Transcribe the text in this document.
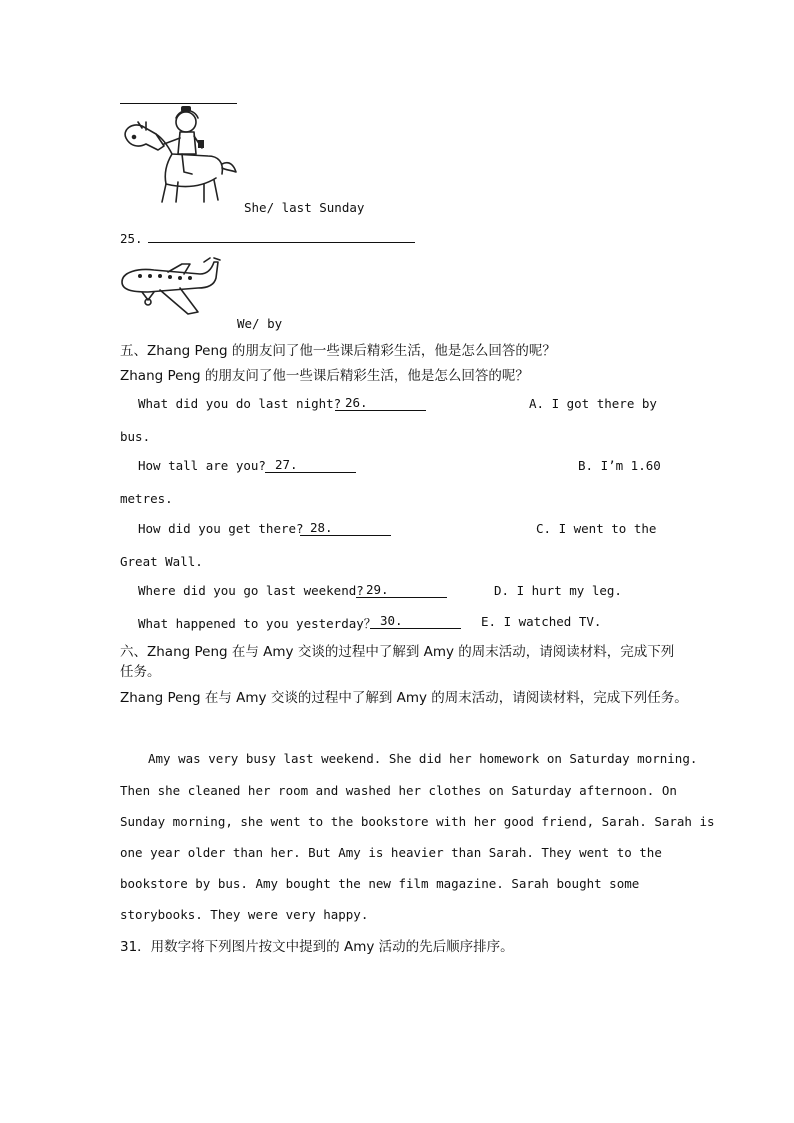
She/ last Sunday
25.
We/ by
五、Zhang Peng 的朋友问了他一些课后精彩生活，他是怎么回答的呢？
Zhang Peng 的朋友问了他一些课后精彩生活，他是怎么回答的呢？
What did you do last night? 26.	A. I got there by
bus.
How tall are you? 27.	B. I’m 1.60
metres.
How did you get there? 28.	C. I went to the
Great Wall.
Where did you go last weekend? 29.	D. I hurt my leg.
What happened to you yesterday？ 30.	E. I watched TV.
六、Zhang Peng 在与 Amy 交谈的过程中了解到 Amy 的周末活动，请阅读材料，完成下列
任务。
Zhang Peng 在与 Amy 交谈的过程中了解到 Amy 的周末活动，请阅读材料，完成下列任务。
Amy was very busy last weekend. She did her homework on Saturday morning.
Then she cleaned her room and washed her clothes on Saturday afternoon. On
Sunday morning, she went to the bookstore with her good friend, Sarah. Sarah is
one year older than her. But Amy is heavier than Sarah. They went to the
bookstore by bus. Amy bought the new film magazine. Sarah bought some
storybooks. They were very happy.
31．用数字将下列图片按文中提到的 Amy 活动的先后顺序排序。
